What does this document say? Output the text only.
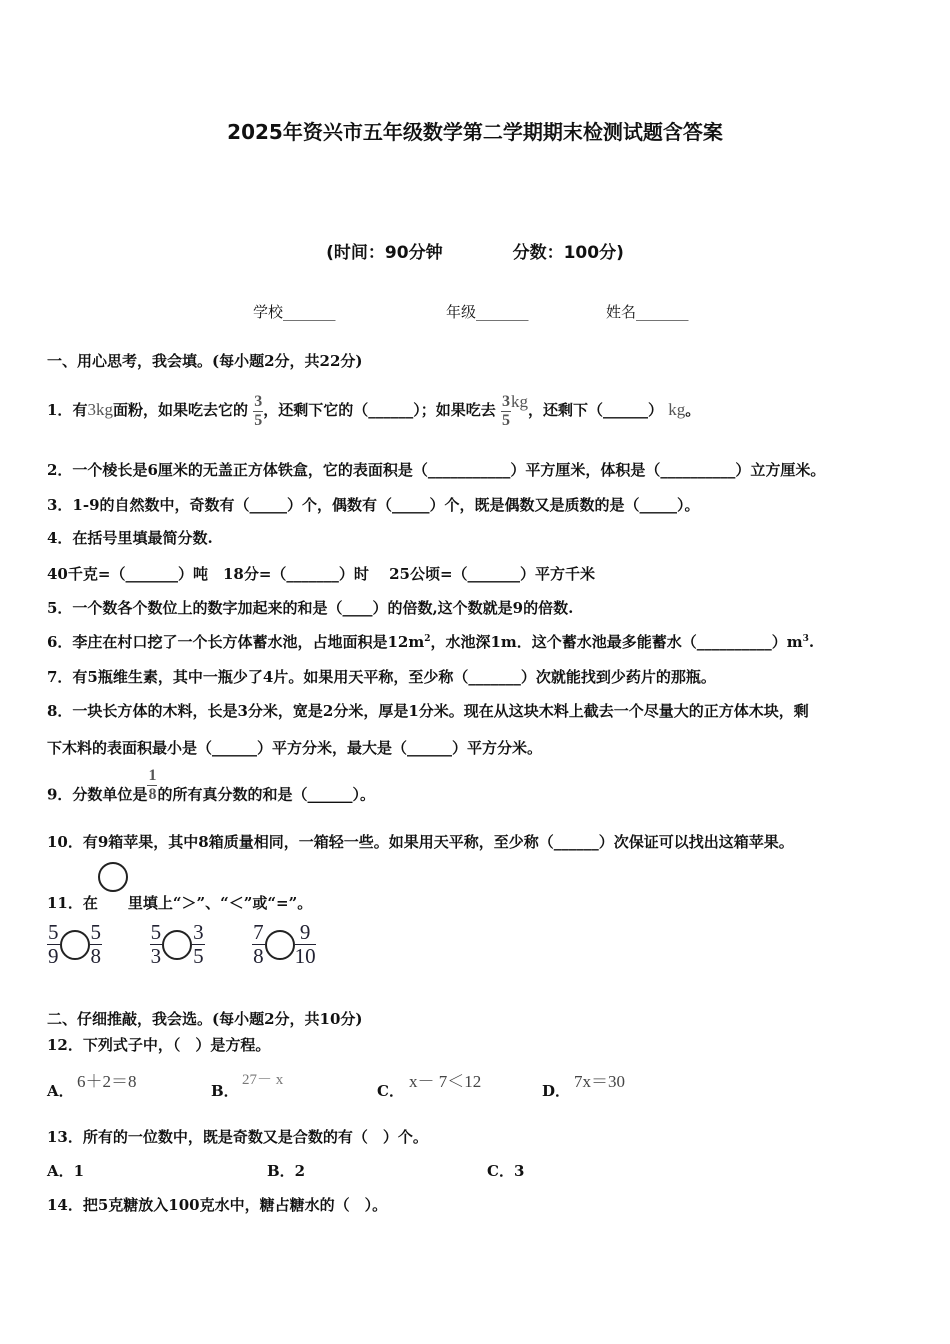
2025年资兴市五年级数学第二学期期末检测试题含答案
(时间：90分钟	分数：100分)
学校_______	年级_______	姓名_______
一、用心思考，我会填。(每小题2分，共22分)
1．有3kg面粉，如果吃去它的 $\frac{3}{5}$ ，还剩下它的（______）；如果吃去 $\frac{3}{5}$ kg，还剩下（______） kg。
2．一个棱长是6厘米的无盖正方体铁盒，它的表面积是（___________）平方厘米，体积是（__________）立方厘米。
3．1-9的自然数中，奇数有（_____）个，偶数有（_____）个，既是偶数又是质数的是（_____）。
4．在括号里填最简分数.
40千克=（_______）吨　18分=（_______）时　 25公顷=（_______）平方千米
5．一个数各个数位上的数字加起来的和是（____）的倍数,这个数就是9的倍数.
6．李庄在村口挖了一个长方体蓄水池，占地面积是$12m^2$，水池深1m．这个蓄水池最多能蓄水$(\_\_\_\_\_\_\_\_\_\_)m^3$.
7．有5瓶维生素，其中一瓶少了4片。如果用天平称，至少称（_______）次就能找到少药片的那瓶。
8．一块长方体的木料，长是3分米，宽是2分米，厚是1分米。现在从这块木料上截去一个尽量大的正方体木块，剩
下木料的表面积最小是（______）平方分米，最大是（______）平方分米。
9．分数单位是 $\frac{1}{8}$ 的所有真分数的和是（______）。
10．有9箱苹果，其中8箱质量相同，一箱轻一些。如果用天平称，至少称（______）次保证可以找出这箱苹果。
11．在 里填上“＞”、“＜”或“=”。
$\frac{5}{9} \frac{5}{8}$
$\frac{5}{3} \frac{3}{5}$
$\frac{7}{8} \frac{9}{10}$
二、仔细推敲，我会选。(每小题2分，共10分)
12．下列式子中，（　）是方程。
A． 6＋2＝8	B．
27－ x
C． x－ 7＜12	D． 7x＝30
13．所有的一位数中，既是奇数又是合数的有（　）个。
A．1	B．2	C．3
14．把5克糖放入100克水中，糖占糖水的（　）。
